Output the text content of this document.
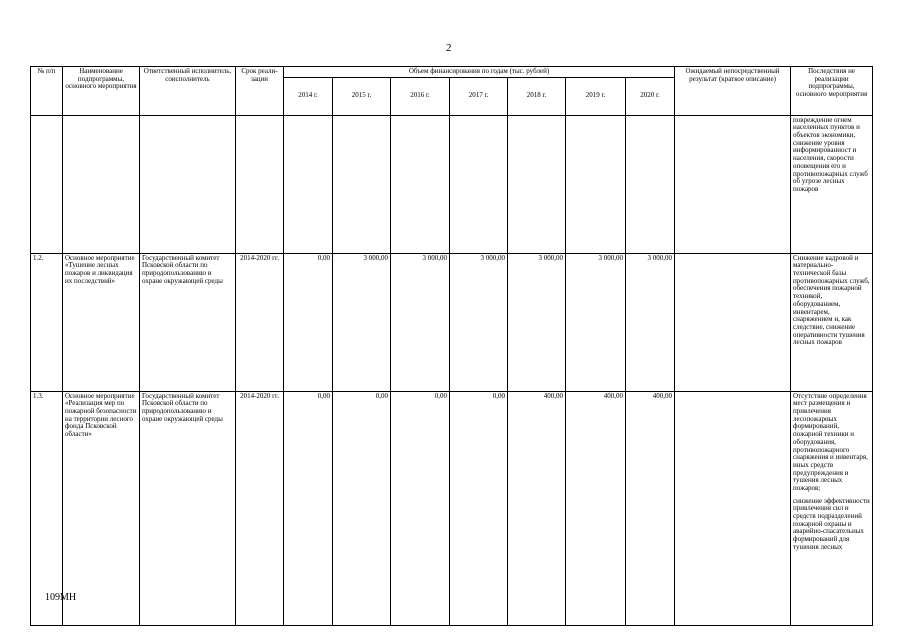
2
№ п/п	Наименование подпрограммы, основного мероприятия	Ответственный исполнитель, соисполнитель	Срок реали-зации	Объем финансирования по годам (тыс. рублей)							Ожидаемый непосредственный результат (краткое описание)	Последствия не реализации подпрограммы, основного мероприятия
				2014 г.	2015 г.	2016 г.	2017 г.	2018 г.	2019 г.	2020 г.		
												повреждение огнем населенных пунктов и объектов экономики, снижение уровня информированност и населения, скорости оповещения его и противопожарных служб об угрозе лесных пожаров
1.2.	Основное мероприятие «Тушение лесных пожаров и ликвидация их последствий»	Государственный комитет Псковской области по природопользованию и охране окружающей среды	2014-2020 гг.	0,00	3 000,00	3 000,00	3 000,00	3 000,00	3 000,00	3 000,00		Снижение кадровой и материально-технической базы противопожарных служб, обеспечения пожарной техникой, оборудованием, инвентарем, снаряжением и, как следствие, снижение оперативности тушения лесных пожаров
1.3.	Основное мероприятие «Реализация мер по пожарной безопасности на территории лесного фонда Псковской области»	Государственный комитет Псковской области по природопользованию и охране окружающей среды	2014-2020 гг.	0,00	0,00	0,00	0,00	400,00	400,00	400,00		Отсутствие определения мест размещения и привлечения лесопожарных формирований, пожарной техники и оборудования, противопожарного снаряжения и инвентаря, иных средств предупреждения и тушения лесных пожаров;
снижение эффективности привлечения сил и средств подразделений пожарной охраны и аварийно-спасательных формирований для тушения лесных
109МН
